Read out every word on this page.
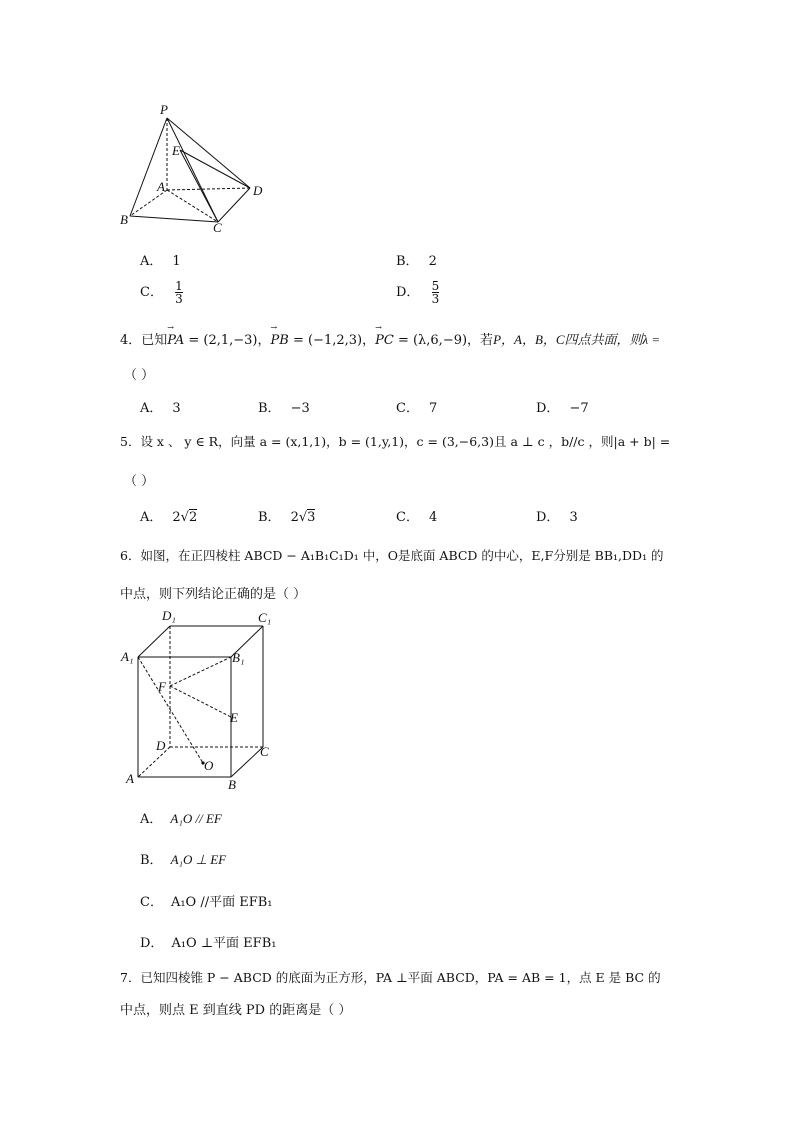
P
E
A	D
B
C
A． 1	B． 2
C． $\frac{1}{3}$	D． $\frac{5}{3}$
4．已知→ PA = (2,1,−3)，→ PB = (−1,2,3)，→ PC = (λ,6,−9)，若P，A，B，C四点共面，则λ =
（ ）
A． 3	B． −3	C． 7	D． −7
5．设 x 、 y ∈ R，向量 a = (x,1,1)，b = (1,y,1)，c = (3,−6,3)且 a ⊥ c ，b//c ，则|a + b| =
（ ）
A． 2√2	B． 2√3	C． 4	D． 3
6．如图，在正四棱柱 ABCD − A₁B₁C₁D₁ 中，O是底面 ABCD 的中心，E,F分别是 BB₁,DD₁ 的
中点，则下列结论正确的是（ ）
D₁	C₁
A₁	B₁
F
E
D	C
A
O
B
A． A₁O // EF
B． A₁O ⊥ EF
C． A₁O //平面 EFB₁
D． A₁O ⊥平面 EFB₁
7．已知四棱锥 P − ABCD 的底面为正方形，PA ⊥平面 ABCD，PA = AB = 1，点 E 是 BC 的
中点，则点 E 到直线 PD 的距离是（ ）
